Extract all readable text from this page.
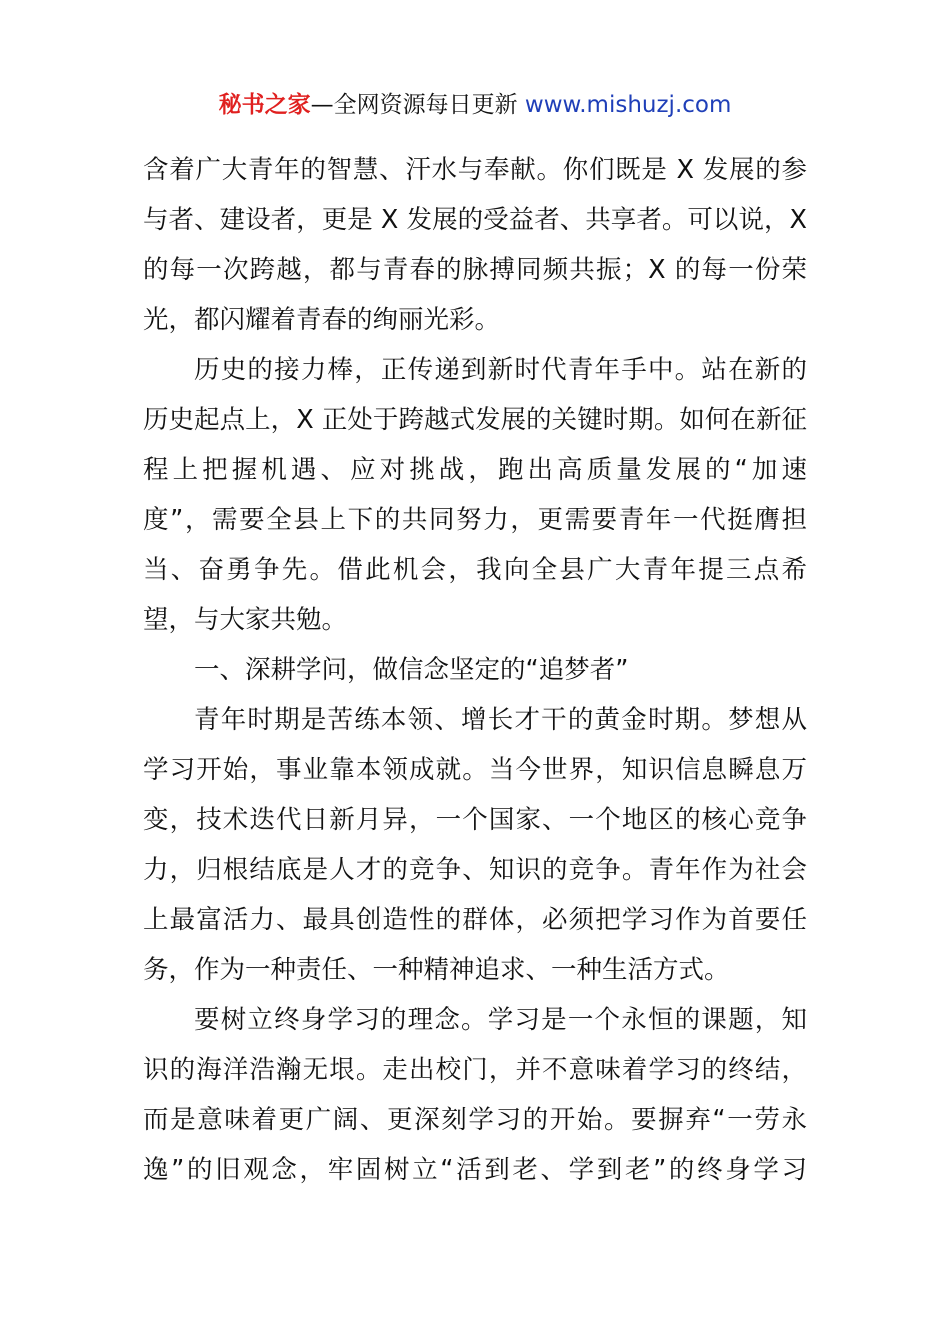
秘书之家—全网资源每日更新 www.mishuzj.com
含着广大青年的智慧、汗水与奉献。你们既是 X 发展的参
与者、建设者，更是 X 发展的受益者、共享者。可以说，X
的每一次跨越，都与青春的脉搏同频共振；X 的每一份荣
光，都闪耀着青春的绚丽光彩。
历史的接力棒，正传递到新时代青年手中。站在新的
历史起点上，X 正处于跨越式发展的关键时期。如何在新征
程上把握机遇、应对挑战，跑出高质量发展的“加速
度”，需要全县上下的共同努力，更需要青年一代挺膺担
当、奋勇争先。借此机会，我向全县广大青年提三点希
望，与大家共勉。
一、深耕学问，做信念坚定的“追梦者”
青年时期是苦练本领、增长才干的黄金时期。梦想从
学习开始，事业靠本领成就。当今世界，知识信息瞬息万
变，技术迭代日新月异，一个国家、一个地区的核心竞争
力，归根结底是人才的竞争、知识的竞争。青年作为社会
上最富活力、最具创造性的群体，必须把学习作为首要任
务，作为一种责任、一种精神追求、一种生活方式。
要树立终身学习的理念。学习是一个永恒的课题，知
识的海洋浩瀚无垠。走出校门，并不意味着学习的终结，
而是意味着更广阔、更深刻学习的开始。要摒弃“一劳永
逸”的旧观念，牢固树立“活到老、学到老”的终身学习
